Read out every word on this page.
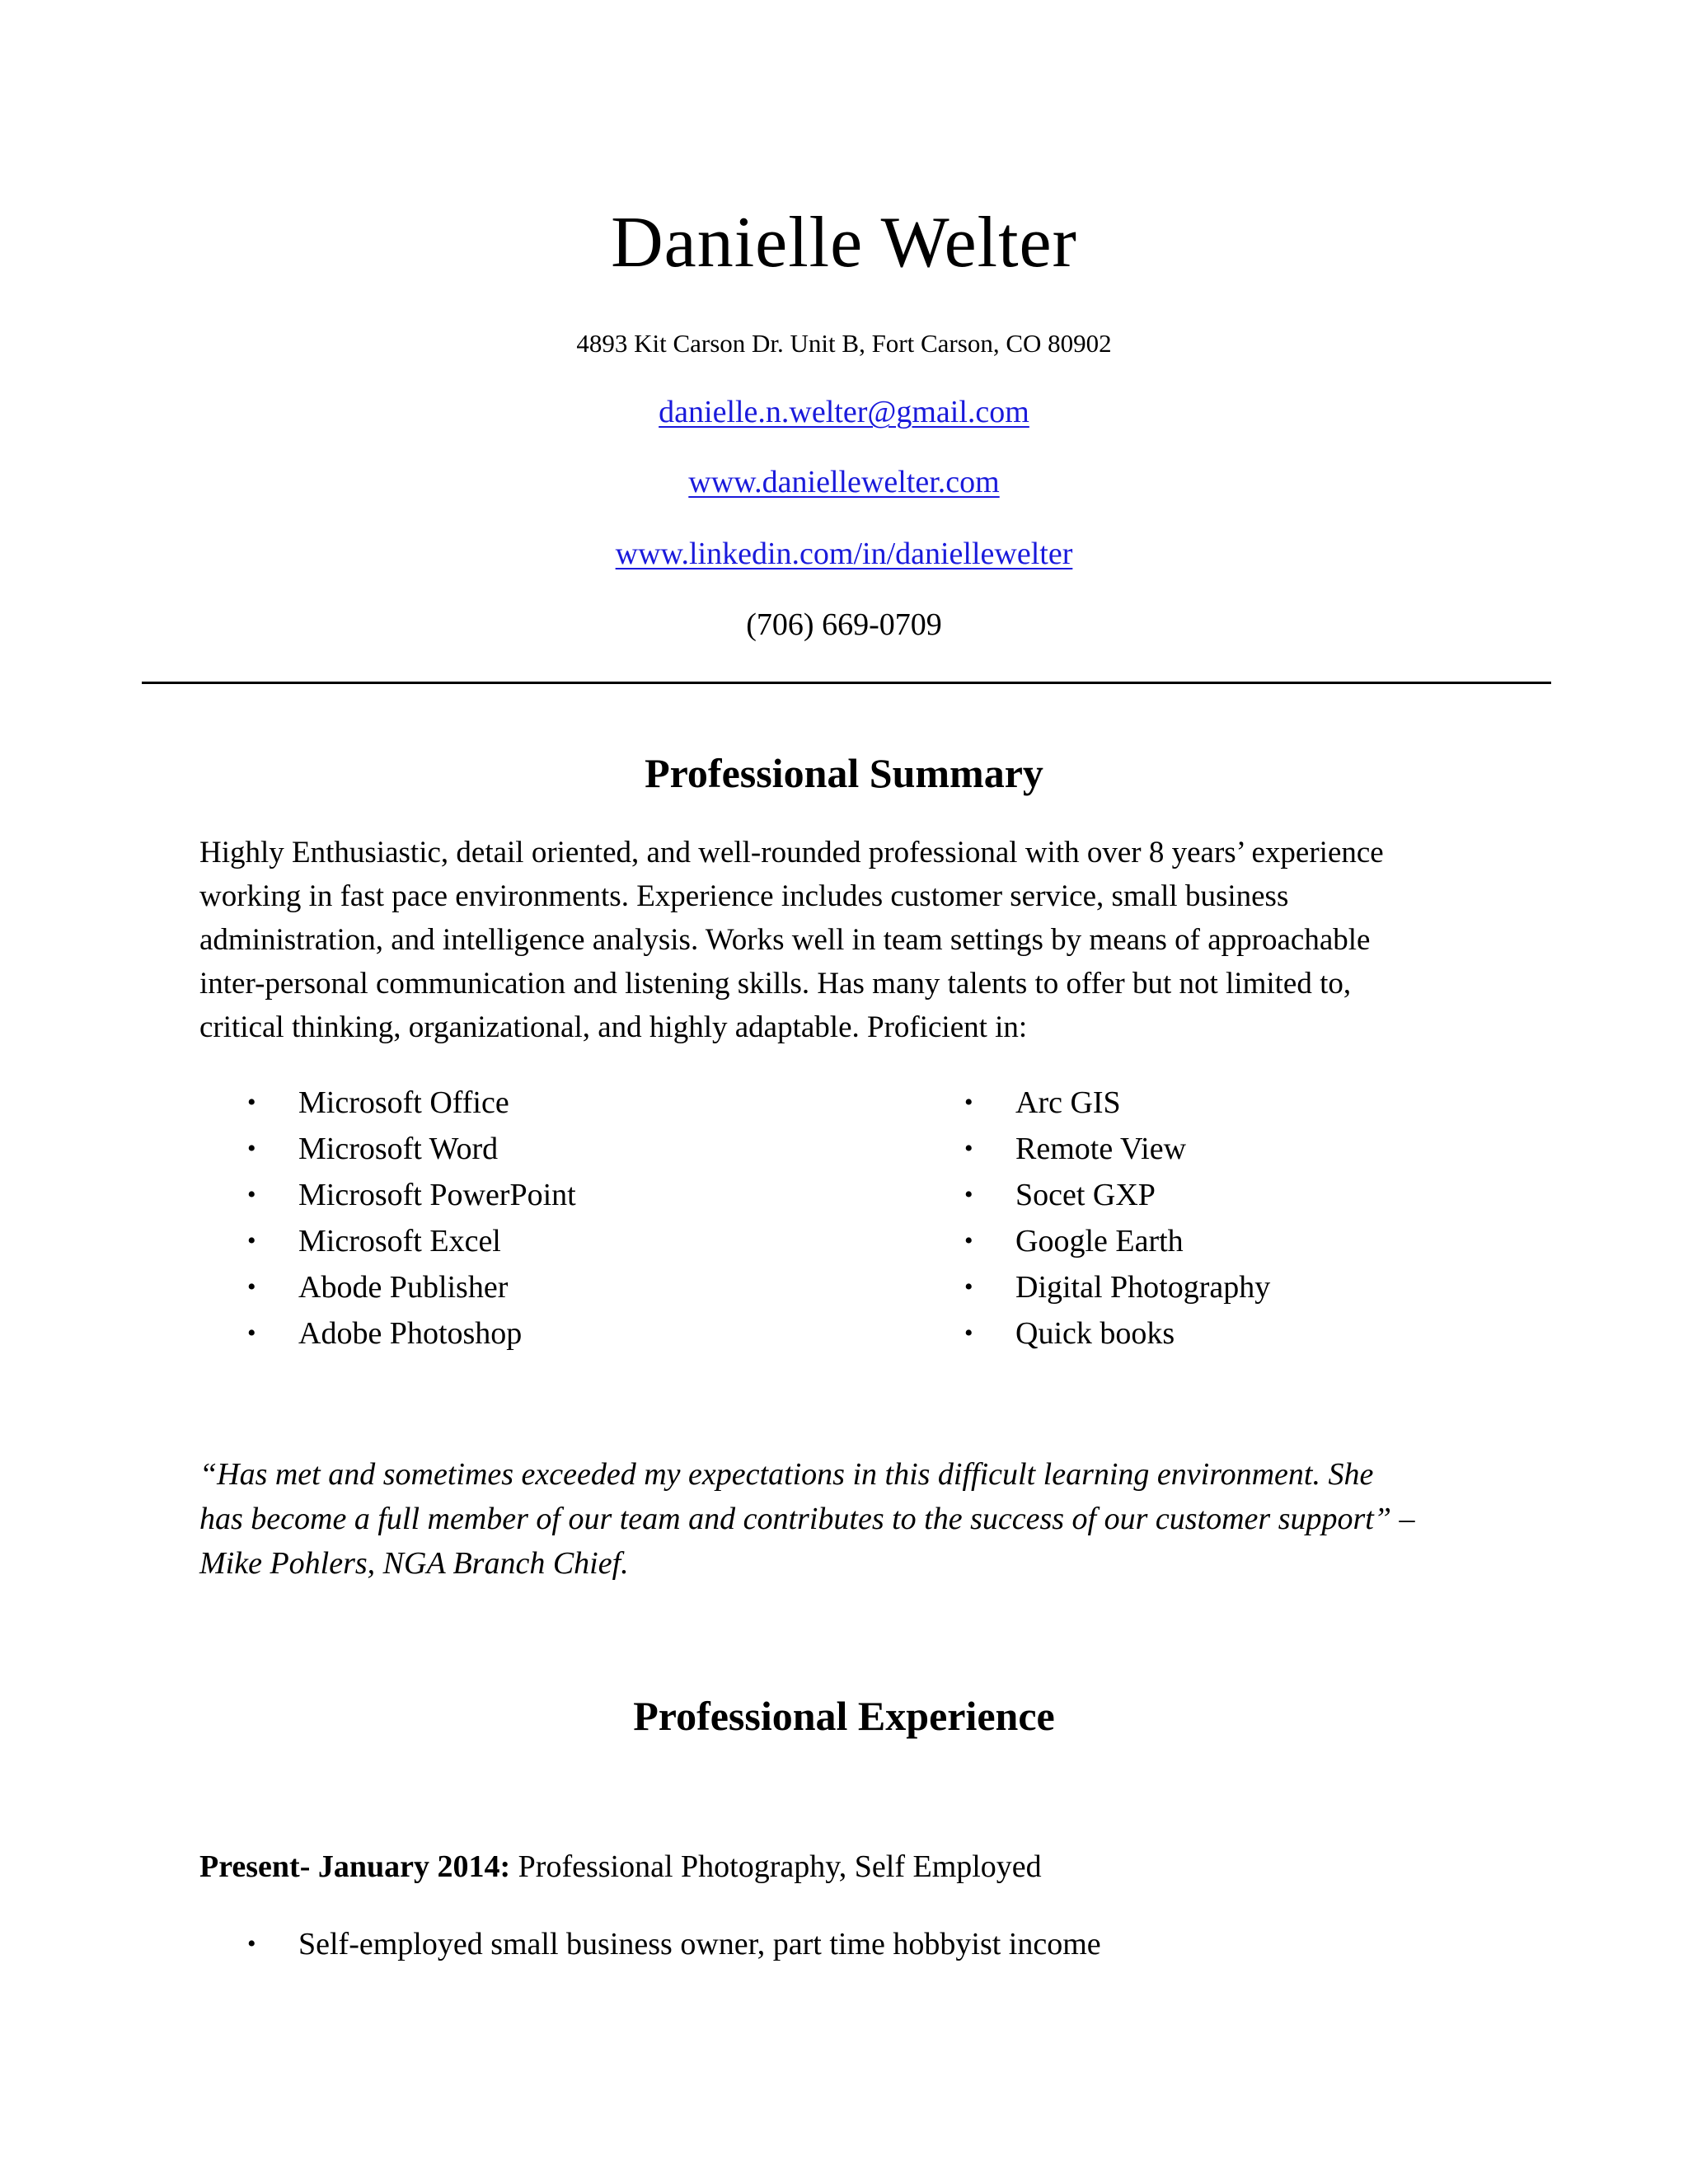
Danielle Welter
4893 Kit Carson Dr. Unit B, Fort Carson, CO 80902
danielle.n.welter@gmail.com
www.daniellewelter.com
www.linkedin.com/in/daniellewelter
(706) 669-0709
Professional Summary
Highly Enthusiastic, detail oriented, and well-rounded professional with over 8 years’ experience
working in fast pace environments. Experience includes customer service, small business
administration, and intelligence analysis. Works well in team settings by means of approachable
inter-personal communication and listening skills. Has many talents to offer but not limited to,
critical thinking, organizational, and highly adaptable. Proficient in:
• Microsoft Office
• Microsoft Word
• Microsoft PowerPoint
• Microsoft Excel
• Abode Publisher
• Adobe Photoshop
• Arc GIS
• Remote View
• Socet GXP
• Google Earth
• Digital Photography
• Quick books
“Has met and sometimes exceeded my expectations in this difficult learning environment. She
has become a full member of our team and contributes to the success of our customer support” –
Mike Pohlers, NGA Branch Chief.
Professional Experience
Present- January 2014: Professional Photography, Self Employed
• Self-employed small business owner, part time hobbyist income
